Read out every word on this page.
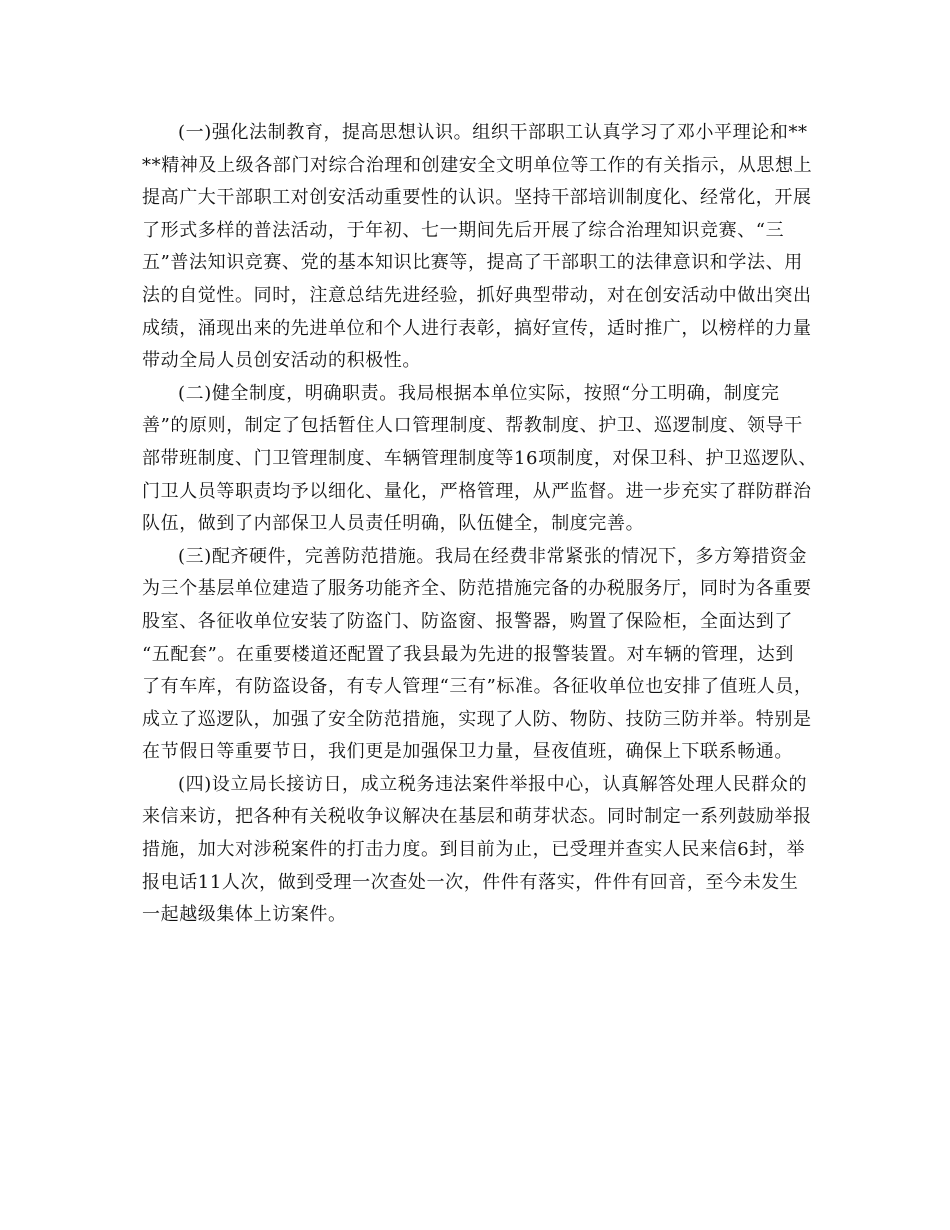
(一)强化法制教育，提高思想认识。组织干部职工认真学习了邓小平理论和**
**精神及上级各部门对综合治理和创建安全文明单位等工作的有关指示，从思想上
提高广大干部职工对创安活动重要性的认识。坚持干部培训制度化、经常化，开展
了形式多样的普法活动，于年初、七一期间先后开展了综合治理知识竞赛、“三
五”普法知识竞赛、党的基本知识比赛等，提高了干部职工的法律意识和学法、用
法的自觉性。同时，注意总结先进经验，抓好典型带动，对在创安活动中做出突出
成绩，涌现出来的先进单位和个人进行表彰，搞好宣传，适时推广，以榜样的力量
带动全局人员创安活动的积极性。
(二)健全制度，明确职责。我局根据本单位实际，按照“分工明确，制度完
善”的原则，制定了包括暂住人口管理制度、帮教制度、护卫、巡逻制度、领导干
部带班制度、门卫管理制度、车辆管理制度等16项制度，对保卫科、护卫巡逻队、
门卫人员等职责均予以细化、量化，严格管理，从严监督。进一步充实了群防群治
队伍，做到了内部保卫人员责任明确，队伍健全，制度完善。
(三)配齐硬件，完善防范措施。我局在经费非常紧张的情况下，多方筹措资金
为三个基层单位建造了服务功能齐全、防范措施完备的办税服务厅，同时为各重要
股室、各征收单位安装了防盗门、防盗窗、报警器，购置了保险柜，全面达到了
“五配套”。在重要楼道还配置了我县最为先进的报警装置。对车辆的管理，达到
了有车库，有防盗设备，有专人管理“三有”标准。各征收单位也安排了值班人员，
成立了巡逻队，加强了安全防范措施，实现了人防、物防、技防三防并举。特别是
在节假日等重要节日，我们更是加强保卫力量，昼夜值班，确保上下联系畅通。
(四)设立局长接访日，成立税务违法案件举报中心，认真解答处理人民群众的
来信来访，把各种有关税收争议解决在基层和萌芽状态。同时制定一系列鼓励举报
措施，加大对涉税案件的打击力度。到目前为止，已受理并查实人民来信6封，举
报电话11人次，做到受理一次查处一次，件件有落实，件件有回音，至今未发生
一起越级集体上访案件。
